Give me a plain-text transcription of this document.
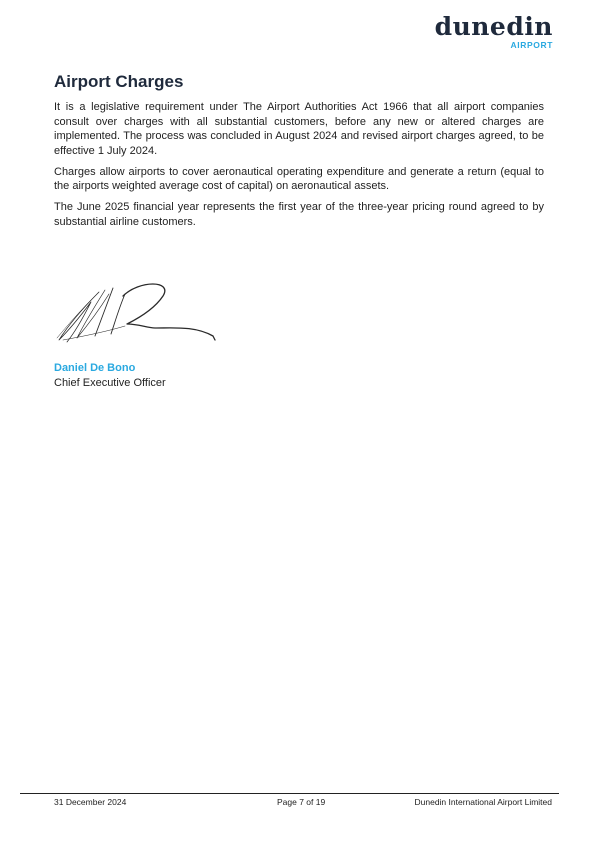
dunedin
AIRPORT
Airport Charges

It is a legislative requirement under The Airport Authorities Act 1966 that all airport companies consult over charges with all substantial customers, before any new or altered charges are implemented. The process was concluded in August 2024 and revised airport charges agreed, to be effective 1 July 2024.

Charges allow airports to cover aeronautical operating expenditure and generate a return (equal to the airports weighted average cost of capital) on aeronautical assets.

The June 2025 financial year represents the first year of the three-year pricing round agreed to by substantial airline customers.

Daniel De Bono
Chief Executive Officer
31 December 2024	Page 7 of 19	Dunedin International Airport Limited
